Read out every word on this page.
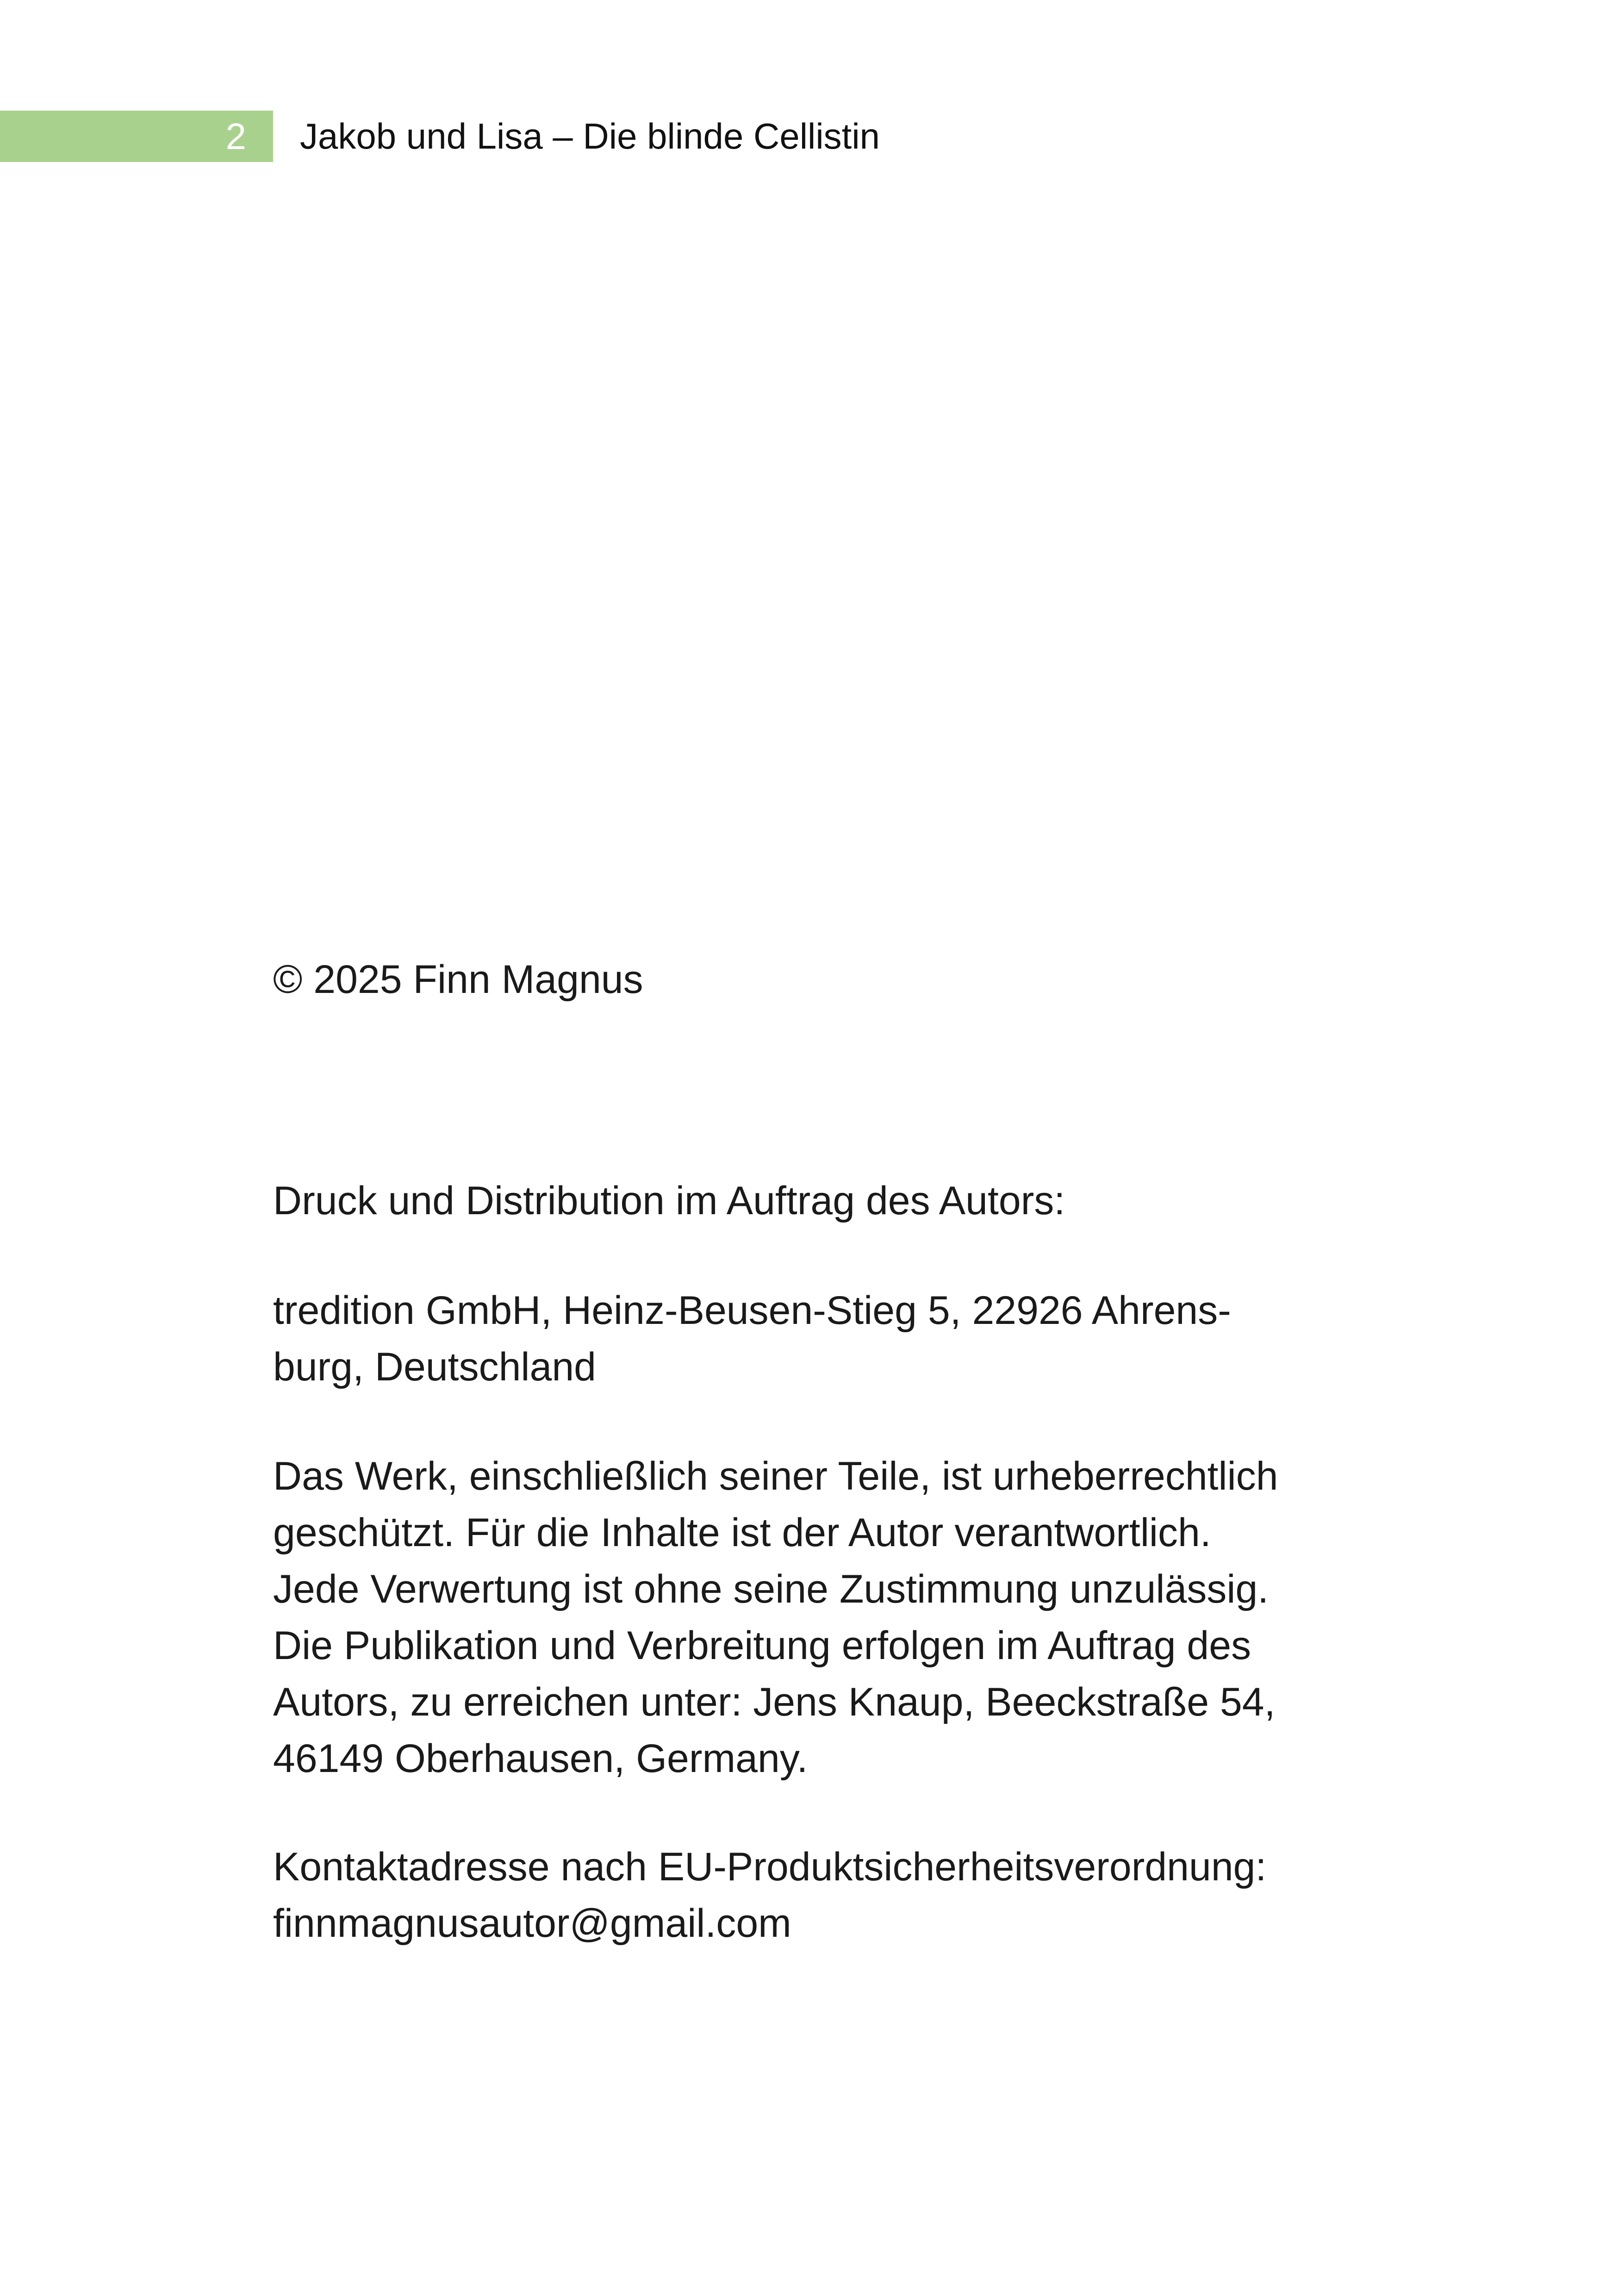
2 Jakob und Lisa – Die blinde Cellistin

© 2025 Finn Magnus

Druck und Distribution im Auftrag des Autors:

tredition GmbH, Heinz-Beusen-Stieg 5, 22926 Ahrens-

burg, Deutschland

Das Werk, einschließlich seiner Teile, ist urheberrechtlich

geschützt. Für die Inhalte ist der Autor verantwortlich.

Jede Verwertung ist ohne seine Zustimmung unzulässig.

Die Publikation und Verbreitung erfolgen im Auftrag des

Autors, zu erreichen unter: Jens Knaup, Beeckstraße 54,

46149 Oberhausen, Germany.

Kontaktadresse nach EU-Produktsicherheitsverordnung:

finnmagnusautor@gmail.com
